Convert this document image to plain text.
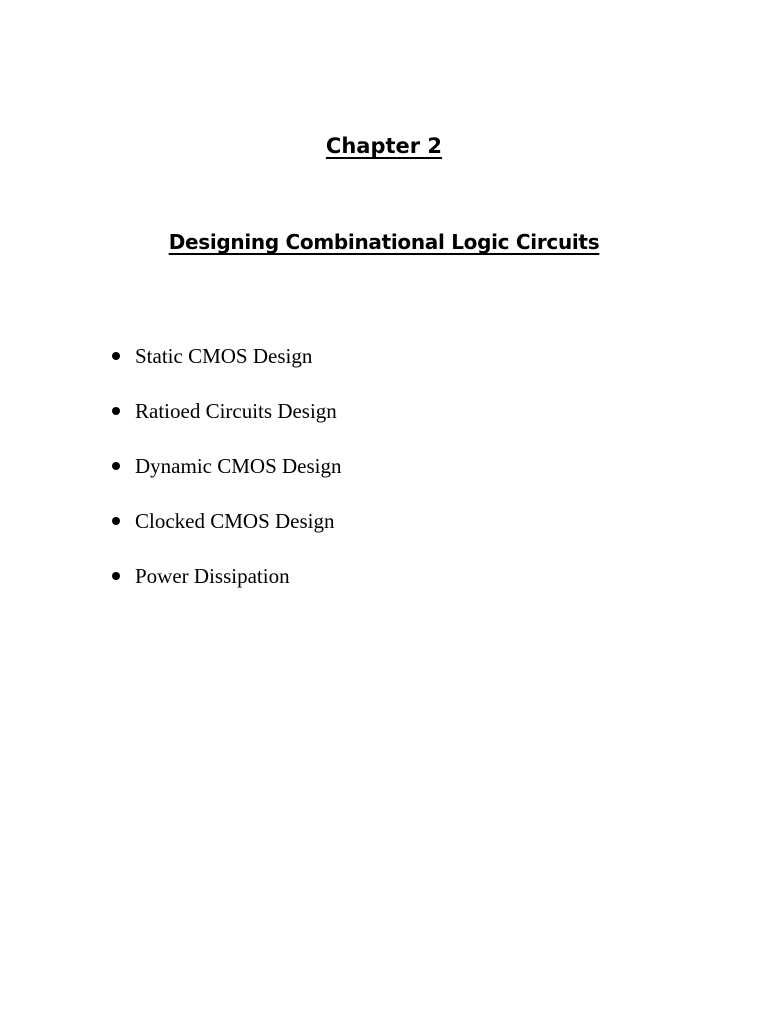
Chapter 2
Designing Combinational Logic Circuits
Static CMOS Design
Ratioed Circuits Design
Dynamic CMOS Design
Clocked CMOS Design
Power Dissipation
